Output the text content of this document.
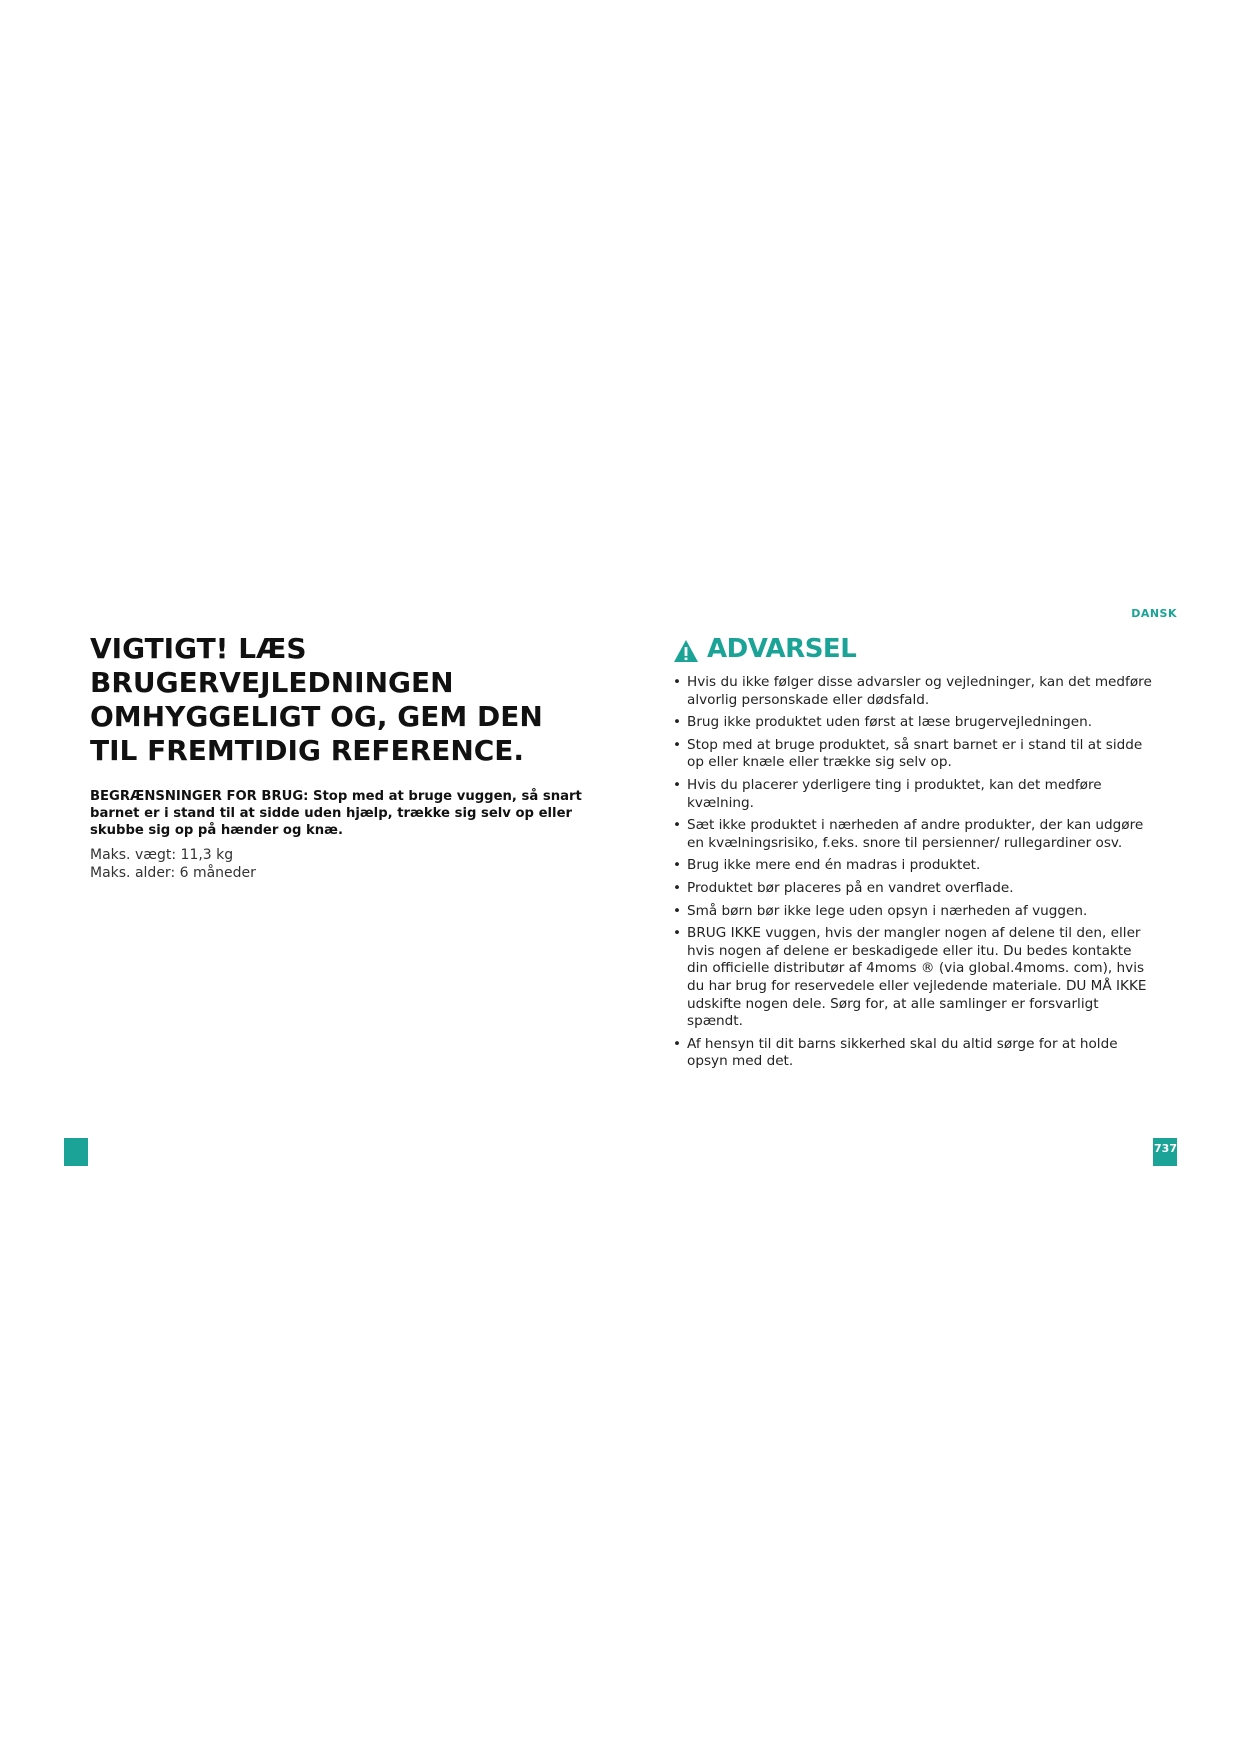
DANSK
VIGTIGT! LÆS
BRUGERVEJLEDNINGEN
OMHYGGELIGT OG, GEM DEN
TIL FREMTIDIG REFERENCE.

BEGRÆNSNINGER FOR BRUG: Stop med at bruge vuggen, så snart barnet er i stand til at sidde uden hjælp, trække sig selv op eller skubbe sig op på hænder og knæ.

Maks. vægt: 11,3 kg
Maks. alder: 6 måneder
ADVARSEL
• Hvis du ikke følger disse advarsler og vejledninger, kan det medføre alvorlig personskade eller dødsfald.
• Brug ikke produktet uden først at læse brugervejledningen.
• Stop med at bruge produktet, så snart barnet er i stand til at sidde op eller knæle eller trække sig selv op.
• Hvis du placerer yderligere ting i produktet, kan det medføre kvælning.
• Sæt ikke produktet i nærheden af andre produkter, der kan udgøre en kvælningsrisiko, f.eks. snore til persienner/ rullegardiner osv.
• Brug ikke mere end én madras i produktet.
• Produktet bør placeres på en vandret overflade.
• Små børn bør ikke lege uden opsyn i nærheden af vuggen.
• BRUG IKKE vuggen, hvis der mangler nogen af delene til den, eller hvis nogen af delene er beskadigede eller itu. Du bedes kontakte din officielle distributør af 4moms ® (via global.4moms. com), hvis du har brug for reservedele eller vejledende materiale. DU MÅ IKKE udskifte nogen dele. Sørg for, at alle samlinger er forsvarligt spændt.
• Af hensyn til dit barns sikkerhed skal du altid sørge for at holde opsyn med det.
737
